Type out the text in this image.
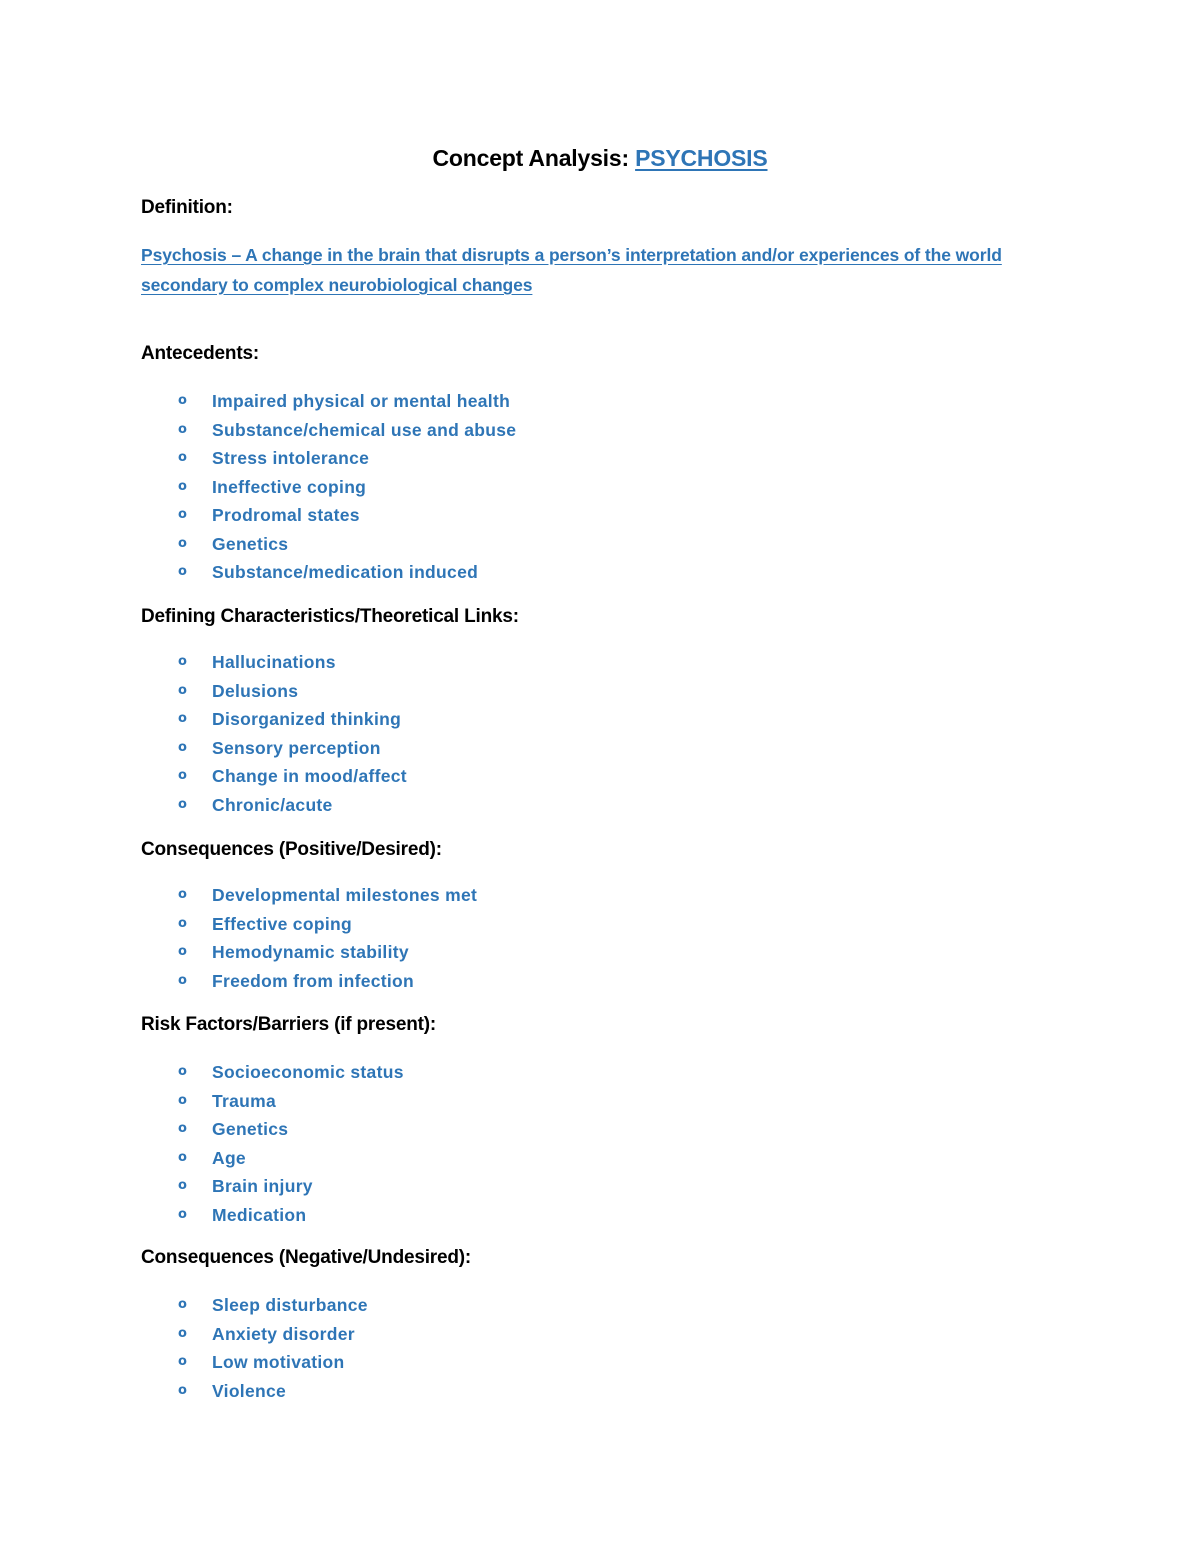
Concept Analysis: PSYCHOSIS
Definition:
Psychosis – A change in the brain that disrupts a person’s interpretation and/or experiences of the world secondary to complex neurobiological changes
Antecedents:
o Impaired physical or mental health
o Substance/chemical use and abuse
o Stress intolerance
o Ineffective coping
o Prodromal states
o Genetics
o Substance/medication induced
Defining Characteristics/Theoretical Links:
o Hallucinations
o Delusions
o Disorganized thinking
o Sensory perception
o Change in mood/affect
o Chronic/acute
Consequences (Positive/Desired):
o Developmental milestones met
o Effective coping
o Hemodynamic stability
o Freedom from infection
Risk Factors/Barriers (if present):
o Socioeconomic status
o Trauma
o Genetics
o Age
o Brain injury
o Medication
Consequences (Negative/Undesired):
o Sleep disturbance
o Anxiety disorder
o Low motivation
o Violence
